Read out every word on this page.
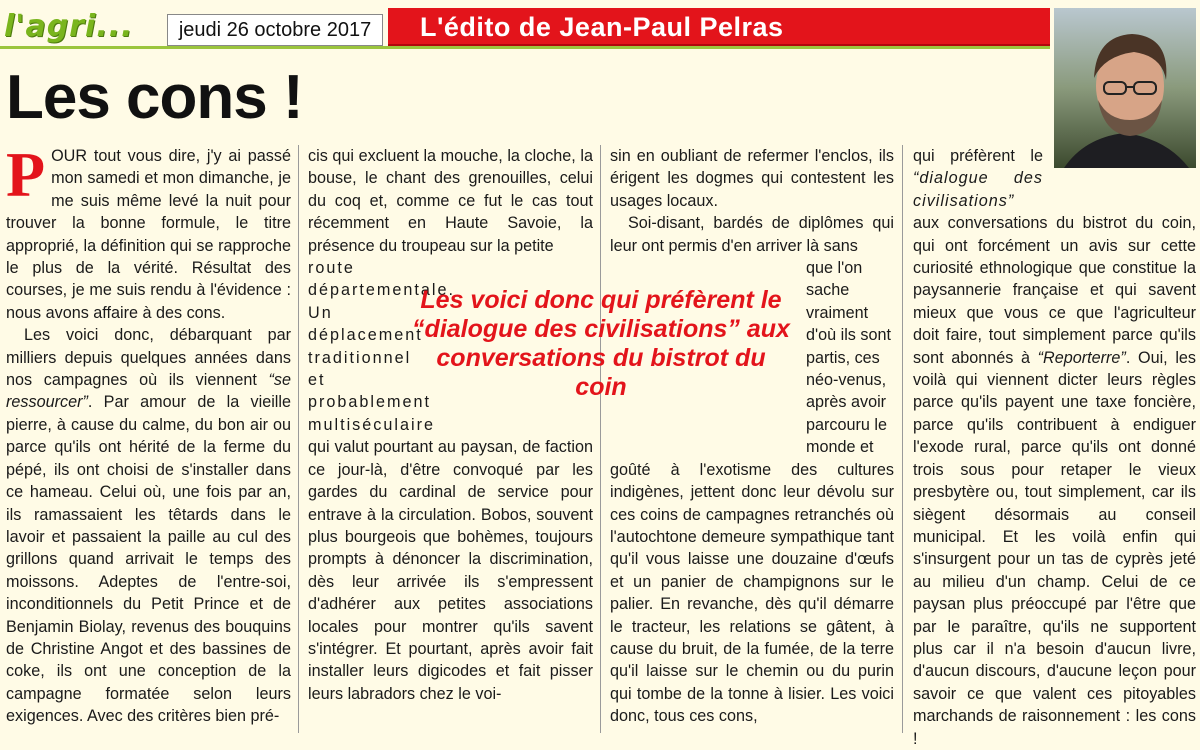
l'agri...	jeudi 26 octobre 2017	L'édito de Jean-Paul Pelras
Les cons !

POUR tout vous dire, j'y ai passé mon samedi et mon dimanche, je me suis même levé la nuit pour trouver la bonne formule, le titre approprié, la définition qui se rapproche le plus de la vérité. Résultat des courses, je me suis rendu à l'évidence : nous avons affaire à des cons.

Les voici donc, débarquant par milliers depuis quelques années dans nos campagnes où ils viennent “se ressourcer”. Par amour de la vieille pierre, à cause du calme, du bon air ou parce qu'ils ont hérité de la ferme du pépé, ils ont choisi de s'installer dans ce hameau. Celui où, une fois par an, ils ramassaient les têtards dans le lavoir et passaient la paille au cul des grillons quand arrivait le temps des moissons. Adeptes de l'entre-soi, inconditionnels du Petit Prince et de Benjamin Biolay, revenus des bouquins de Christine Angot et des bassines de coke, ils ont une conception de la campagne formatée selon leurs exigences. Avec des critères bien pré-

cis qui excluent la mouche, la cloche, la bouse, le chant des grenouilles, celui du coq et, comme ce fut le cas tout récemment en Haute Savoie, la présence du troupeau sur la petite

route départementale. Un déplacement traditionnel et probablement multiséculaire

qui valut pourtant au paysan, de faction ce jour-là, d'être convoqué par les gardes du cardinal de service pour entrave à la circulation. Bobos, souvent plus bourgeois que bohèmes, toujours prompts à dénoncer la discrimination, dès leur arrivée ils s'empressent d'adhérer aux petites associations locales pour montrer qu'ils savent s'intégrer. Et pourtant, après avoir fait installer leurs digicodes et fait pisser leurs labradors chez le voi-

sin en oubliant de refermer l'enclos, ils érigent les dogmes qui contestent les usages locaux.

Soi-disant, bardés de diplômes qui leur ont permis d'en arriver là sans

que l'on sache vraiment d'où ils sont partis, ces néo-venus, après avoir parcouru le monde et

goûté à l'exotisme des cultures indigènes, jettent donc leur dévolu sur ces coins de campagnes retranchés où l'autochtone demeure sympathique tant qu'il vous laisse une douzaine d'œufs et un panier de champignons sur le palier. En revanche, dès qu'il démarre le tracteur, les relations se gâtent, à cause du bruit, de la fumée, de la terre qu'il laisse sur le chemin ou du purin qui tombe de la tonne à lisier. Les voici donc, tous ces cons,

qui préfèrent le “dialogue des civilisations”

aux conversations du bistrot du coin, qui ont forcément un avis sur cette curiosité ethnologique que constitue la paysannerie française et qui savent mieux que vous ce que l'agriculteur doit faire, tout simplement parce qu'ils sont abonnés à “Reporterre”. Oui, les voilà qui viennent dicter leurs règles parce qu'ils payent une taxe foncière, parce qu'ils contribuent à endiguer l'exode rural, parce qu'ils ont donné trois sous pour retaper le vieux presbytère ou, tout simplement, car ils siègent désormais au conseil municipal. Et les voilà enfin qui s'insurgent pour un tas de cyprès jeté au milieu d'un champ. Celui de ce paysan plus préoccupé par l'être que par le paraître, qu'ils ne supportent plus car il n'a besoin d'aucun livre, d'aucun discours, d'aucune leçon pour savoir ce que valent ces pitoyables marchands de raisonnement : les cons !

Les voici donc qui préfèrent le “dialogue des civilisations” aux conversations du bistrot du coin
